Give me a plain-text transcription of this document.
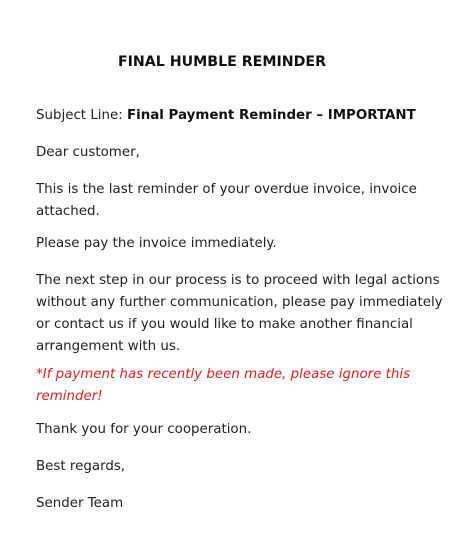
FINAL HUMBLE REMINDER

Subject Line: Final Payment Reminder – IMPORTANT

Dear customer,

This is the last reminder of your overdue invoice, invoice attached.

Please pay the invoice immediately.

The next step in our process is to proceed with legal actions without any further communication, please pay immediately or contact us if you would like to make another financial arrangement with us.

*If payment has recently been made, please ignore this reminder!

Thank you for your cooperation.

Best regards,

Sender Team
